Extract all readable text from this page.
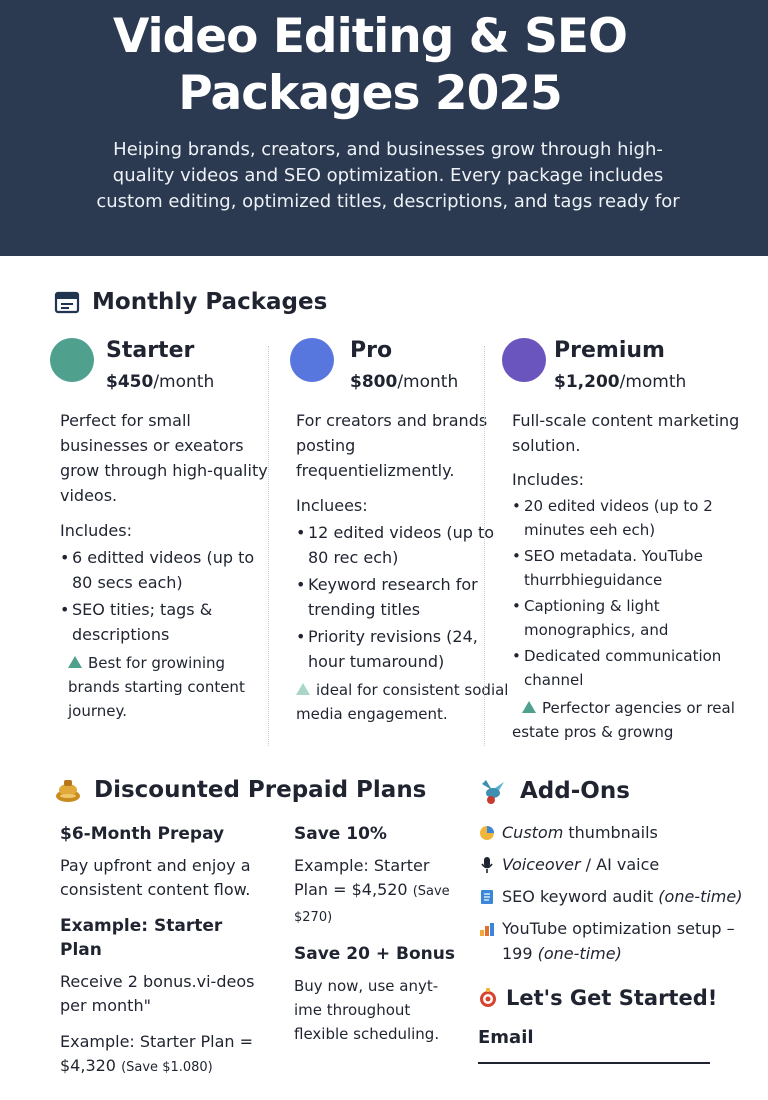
Video Editing & SEO
Packages 2025
Heiping brands, creators, and businesses grow through high-quality videos and SEO optimization. Every package includes custom editing, optimized titles, descriptions, and tags ready for
Monthly Packages
Starter
$450/month
Perfect for small businesses or exeators grow through high-quality videos.
Includes:
• 6 editted videos (up to 80 secs each)
• SEO tities; tags & descriptions
Best for growining brands starting content journey.
Pro
$800/month
For creators and brands posting frequentielizmently.
Incluees:
• 12 edited videos (up to 80 rec ech)
• Keyword research for trending titles
• Priority revisions (24, hour tumaround)
ideal for consistent sodial media engagement.
Premium
$1,200/momth
Full-scale content marketing solution.
Includes:
• 20 edited videos (up to 2 minutes eeh ech)
• SEO metadata. YouTube thurrbhieguidance
• Captioning & light monographics, and
• Dedicated communication channel
Perfector agencies or real estate pros & growng
Discounted Prepaid Plans
$6-Month Prepay
Pay upfront and enjoy a consistent content flow.
Example: Starter Plan
Receive 2 bonus.vi-deos per month"
Example: Starter Plan = $4,320 (Save $1.080)
Save 10%
Example: Starter Plan = $4,520 (Save $270)
Save 20 + Bonus
Buy now, use anyt-ime throughout flexible scheduling.
Add-Ons
Custom thumbnails
Voiceover / AI vaice
SEO keyword audit (one-time)
YouTube optimization setup – 199 (one-time)
Let's Get Started!
Email
